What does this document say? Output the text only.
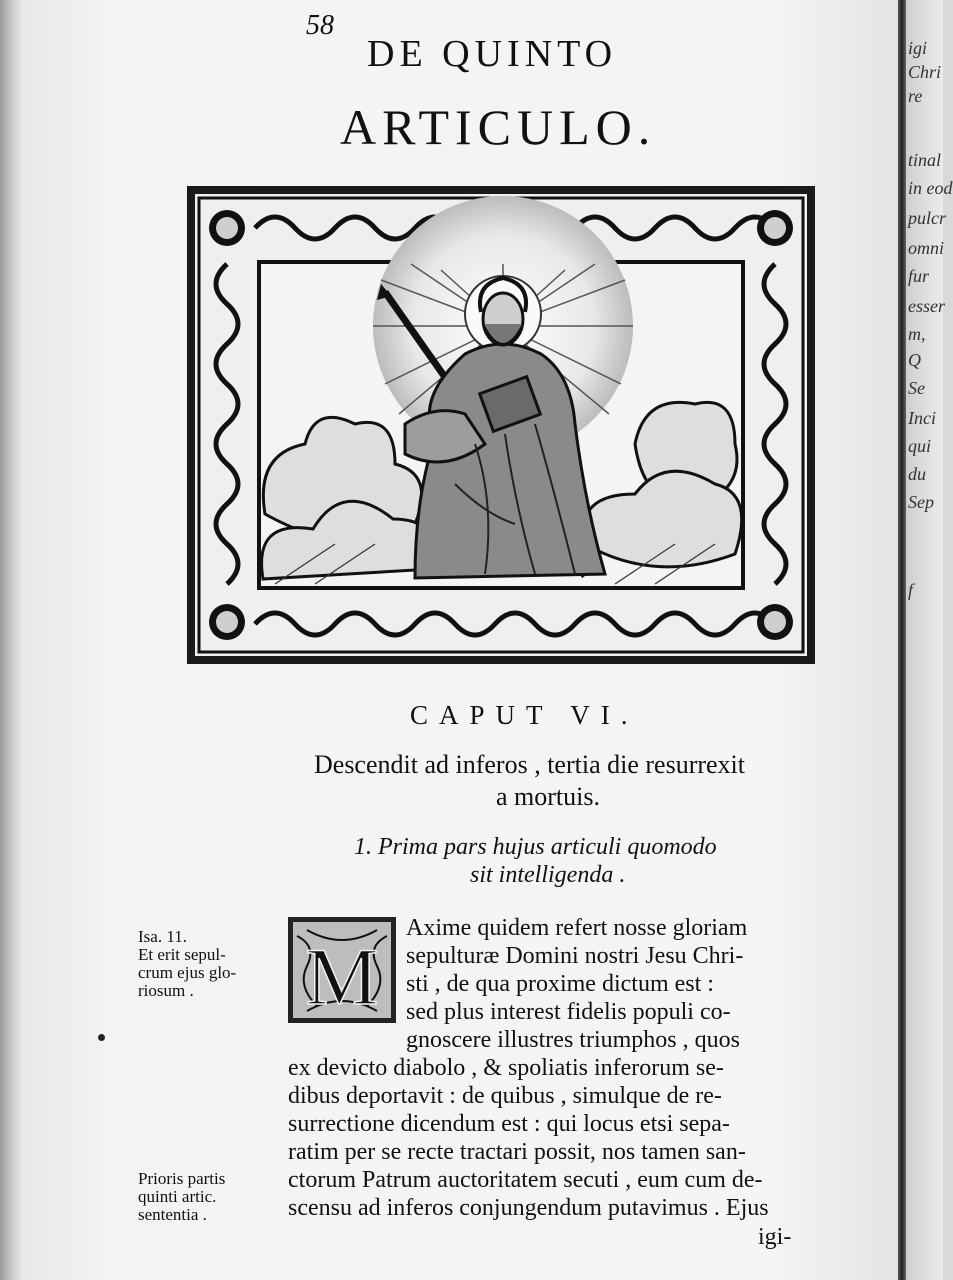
igi
Chri
re
tinal
in eod
pulcr
omni
fur
esser
m,
Q
Se
Inci
qui
du
Sep
f
58
DE QUINTO
ARTICULO.
CAPUT VI.
Descendit ad inferos , tertia die resurrexit
a mortuis.
1. Prima pars hujus articuli quomodo
sit intelligenda .
M
Axime quidem refert nosse gloriam
sepulturæ Domini nostri Jesu Chri-
sti , de qua proxime dictum est :
sed plus interest fidelis populi co-
gnoscere illustres triumphos , quos
ex devicto diabolo , & spoliatis inferorum se-
dibus deportavit : de quibus , simulque de re-
surrectione dicendum est : qui locus etsi sepa-
ratim per se recte tractari possit, nos tamen san-
ctorum Patrum auctoritatem secuti , eum cum de-
scensu ad inferos conjungendum putavimus . Ejus
igi-
Isa. 11.
Et erit sepul-
crum ejus glo-
riosum .
Prioris partis
quinti artic.
sententia .
